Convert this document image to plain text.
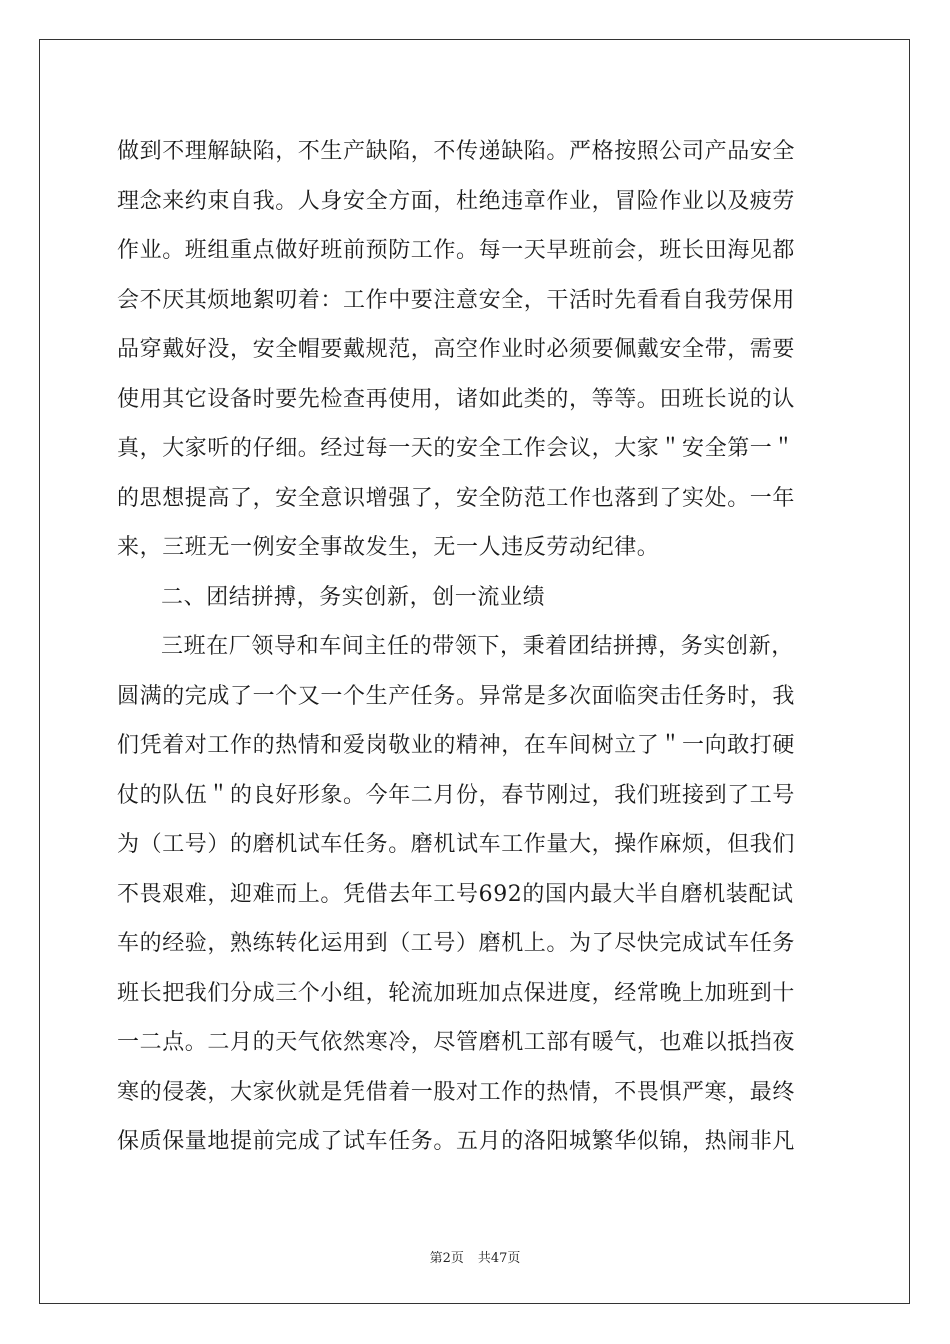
做到不理解缺陷，不生产缺陷，不传递缺陷。严格按照公司产品安全
理念来约束自我。人身安全方面，杜绝违章作业，冒险作业以及疲劳
作业。班组重点做好班前预防工作。每一天早班前会，班长田海见都
会不厌其烦地絮叨着：工作中要注意安全，干活时先看看自我劳保用
品穿戴好没，安全帽要戴规范，高空作业时必须要佩戴安全带，需要
使用其它设备时要先检查再使用，诸如此类的，等等。田班长说的认
真，大家听的仔细。经过每一天的安全工作会议，大家＂安全第一＂
的思想提高了，安全意识增强了，安全防范工作也落到了实处。一年
来，三班无一例安全事故发生，无一人违反劳动纪律。
二、团结拼搏，务实创新，创一流业绩
三班在厂领导和车间主任的带领下，秉着团结拼搏，务实创新，
圆满的完成了一个又一个生产任务。异常是多次面临突击任务时，我
们凭着对工作的热情和爱岗敬业的精神，在车间树立了＂一向敢打硬
仗的队伍＂的良好形象。今年二月份，春节刚过，我们班接到了工号
为（工号）的磨机试车任务。磨机试车工作量大，操作麻烦，但我们
不畏艰难，迎难而上。凭借去年工号692的国内最大半自磨机装配试
车的经验，熟练转化运用到（工号）磨机上。为了尽快完成试车任务
班长把我们分成三个小组，轮流加班加点保进度，经常晚上加班到十
一二点。二月的天气依然寒冷，尽管磨机工部有暖气，也难以抵挡夜
寒的侵袭，大家伙就是凭借着一股对工作的热情，不畏惧严寒，最终
保质保量地提前完成了试车任务。五月的洛阳城繁华似锦，热闹非凡
第2页 共47页
